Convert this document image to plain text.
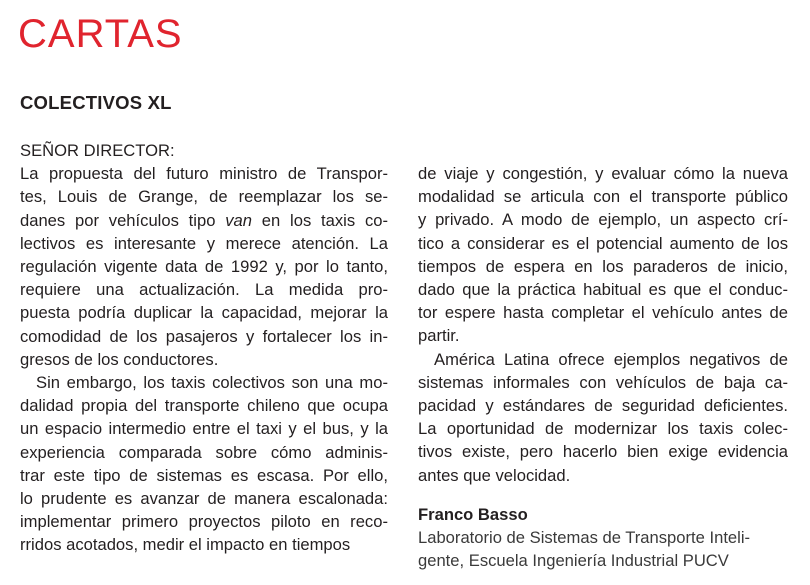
CARTAS
COLECTIVOS XL

SEÑOR DIRECTOR:

La propuesta del futuro ministro de Transpor-
tes, Louis de Grange, de reemplazar los se-
danes por vehículos tipo van en los taxis co-
lectivos es interesante y merece atención. La
regulación vigente data de 1992 y, por lo tanto,
requiere una actualización. La medida pro-
puesta podría duplicar la capacidad, mejorar la
comodidad de los pasajeros y fortalecer los in-
gresos de los conductores.

Sin embargo, los taxis colectivos son una mo-
dalidad propia del transporte chileno que ocupa
un espacio intermedio entre el taxi y el bus, y la
experiencia comparada sobre cómo adminis-
trar este tipo de sistemas es escasa. Por ello,
lo prudente es avanzar de manera escalonada:
implementar primero proyectos piloto en reco-
rridos acotados, medir el impacto en tiempos

de viaje y congestión, y evaluar cómo la nueva
modalidad se articula con el transporte público
y privado. A modo de ejemplo, un aspecto crí-
tico a considerar es el potencial aumento de los
tiempos de espera en los paraderos de inicio,
dado que la práctica habitual es que el conduc-
tor espere hasta completar el vehículo antes de
partir.

América Latina ofrece ejemplos negativos de
sistemas informales con vehículos de baja ca-
pacidad y estándares de seguridad deficientes.
La oportunidad de modernizar los taxis colec-
tivos existe, pero hacerlo bien exige evidencia
antes que velocidad.

Franco Basso

Laboratorio de Sistemas de Transporte Inteli-
gente, Escuela Ingeniería Industrial PUCV
